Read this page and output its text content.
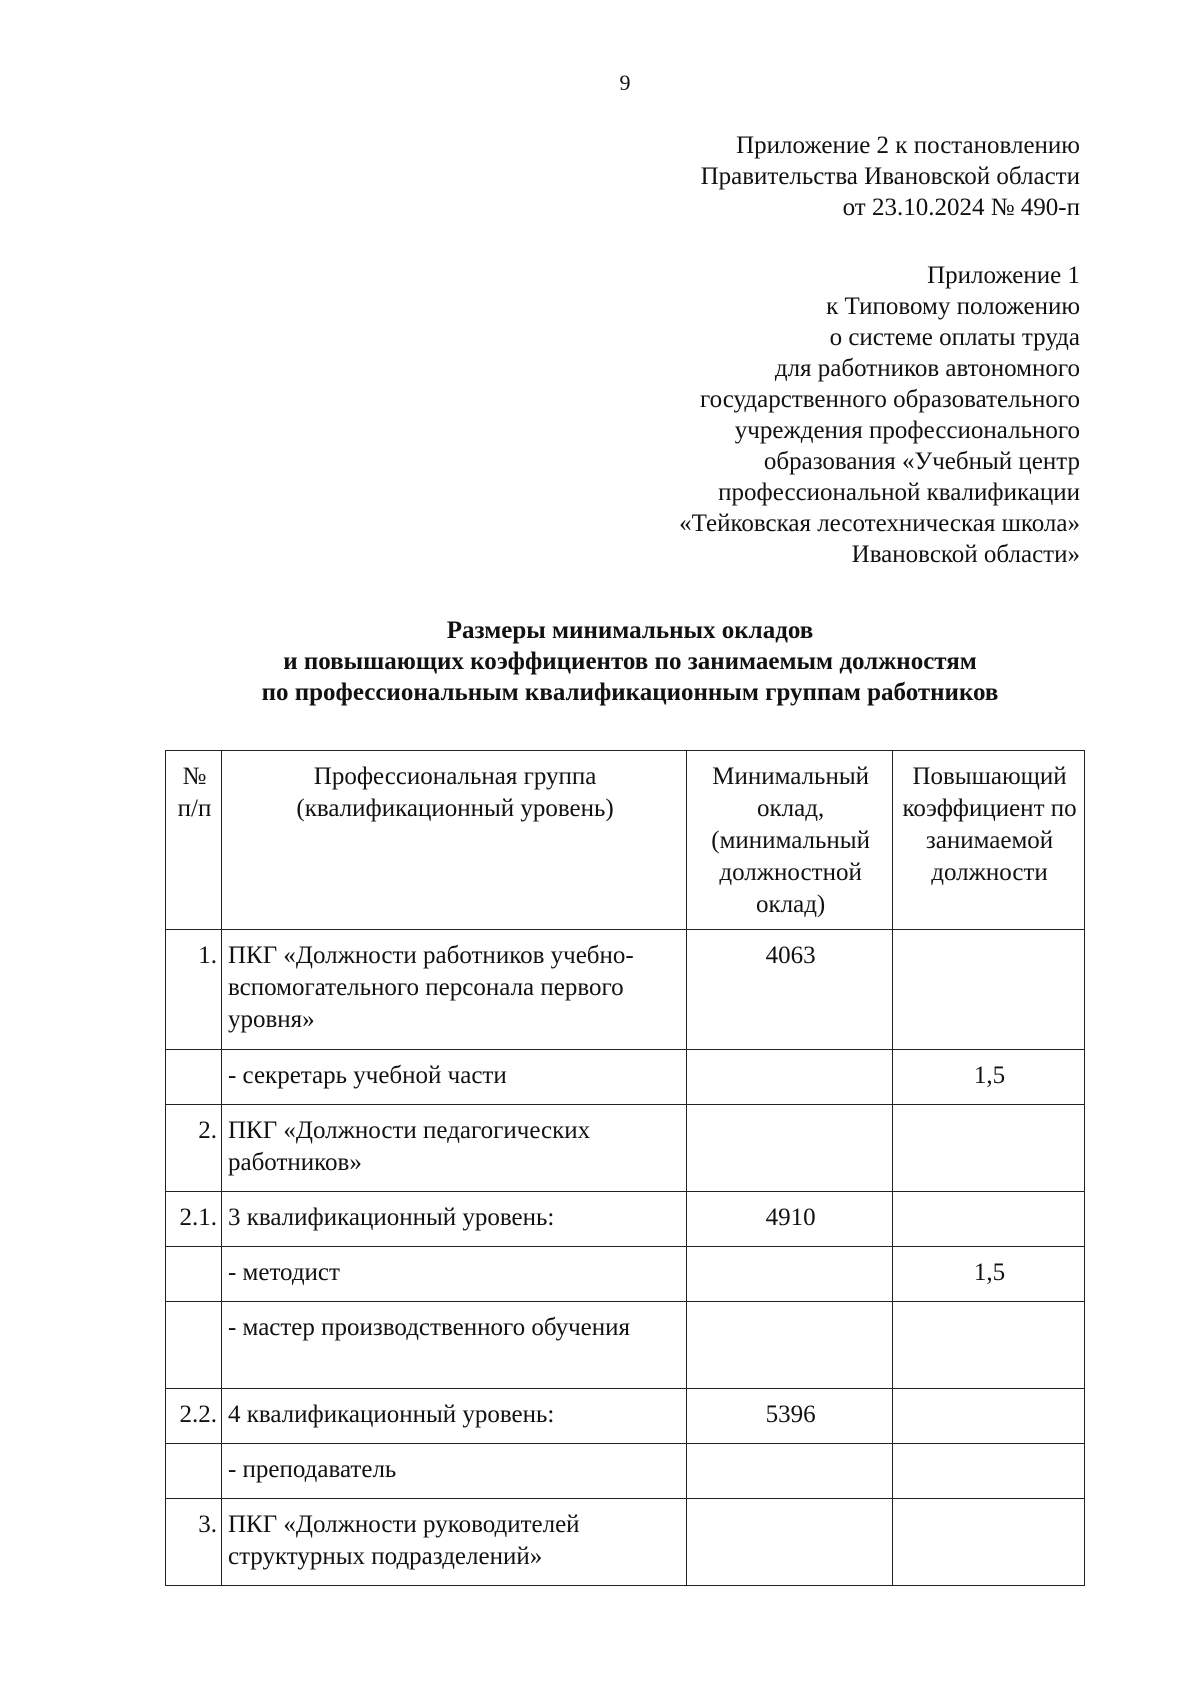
9
Приложение 2 к постановлению
Правительства Ивановской области
от 23.10.2024 № 490-п
Приложение 1
к Типовому положению
о системе оплаты труда
для работников автономного
государственного образовательного
учреждения профессионального
образования «Учебный центр
профессиональной квалификации
«Тейковская лесотехническая школа»
Ивановской области»
Размеры минимальных окладов
и повышающих коэффициентов по занимаемым должностям
по профессиональным квалификационным группам работников
№ п/п	Профессиональная группа (квалификационный уровень)	Минимальный оклад, (минимальный должностной оклад)	Повышающий коэффициент по занимаемой должности
1.	ПКГ «Должности работников учебно-вспомогательного персонала первого уровня»	4063	
	- секретарь учебной части		1,5
2.	ПКГ «Должности педагогических работников»		
2.1.	3 квалификационный уровень:	4910	
	- методист		1,5
	- мастер производственного обучения		
2.2.	4 квалификационный уровень:	5396	
	- преподаватель		
3.	ПКГ «Должности руководителей структурных подразделений»		
